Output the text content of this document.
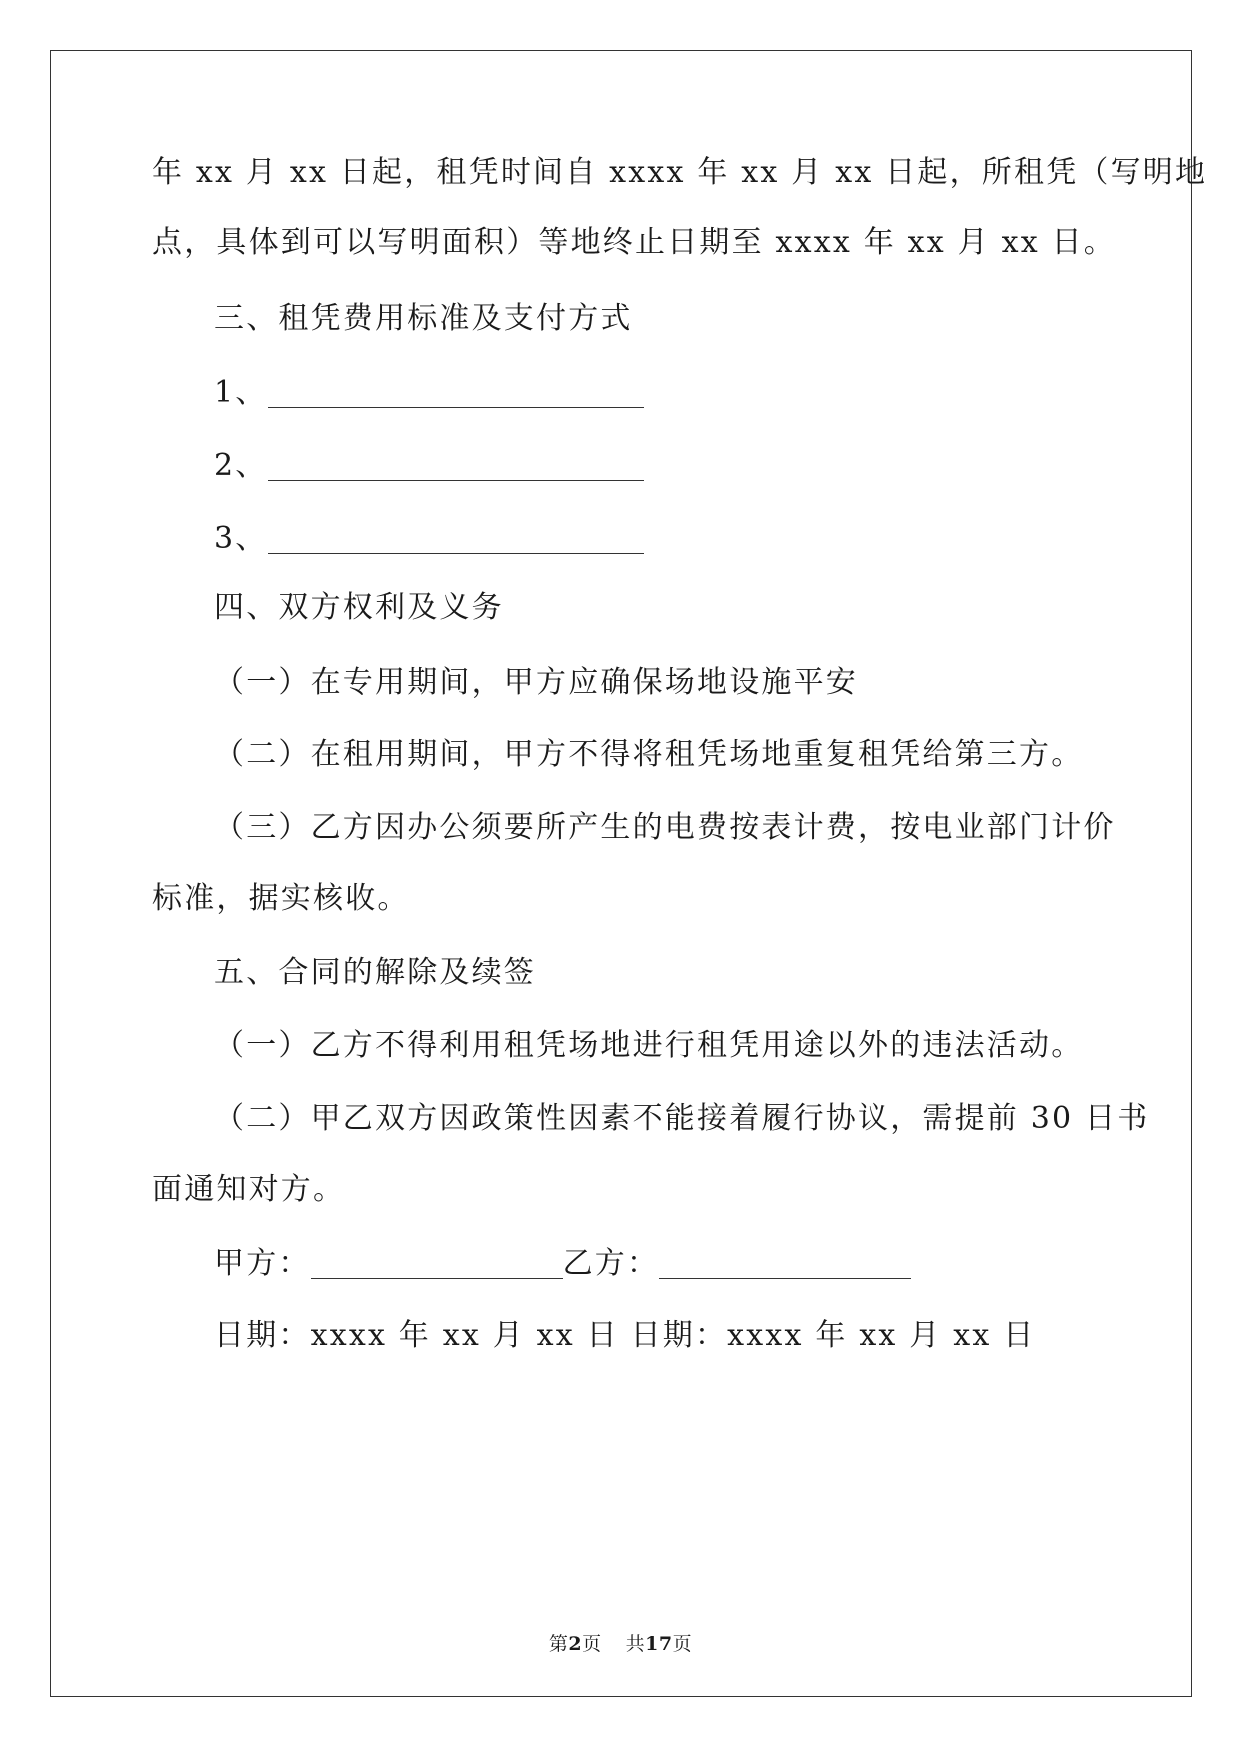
年 xx 月 xx 日起，租凭时间自 xxxx 年 xx 月 xx 日起，所租凭（写明地
点，具体到可以写明面积）等地终止日期至 xxxx 年 xx 月 xx 日。
三、租凭费用标准及支付方式
1、
2、
3、
四、双方权利及义务
（一）在专用期间，甲方应确保场地设施平安
（二）在租用期间，甲方不得将租凭场地重复租凭给第三方。
（三）乙方因办公须要所产生的电费按表计费，按电业部门计价
标准，据实核收。
五、合同的解除及续签
（一）乙方不得利用租凭场地进行租凭用途以外的违法活动。
（二）甲乙双方因政策性因素不能接着履行协议，需提前 30 日书
面通知对方。
甲方：	乙方：
日期：xxxx 年 xx 月 xx 日 日期：xxxx 年 xx 月 xx 日
第2页 共17页
